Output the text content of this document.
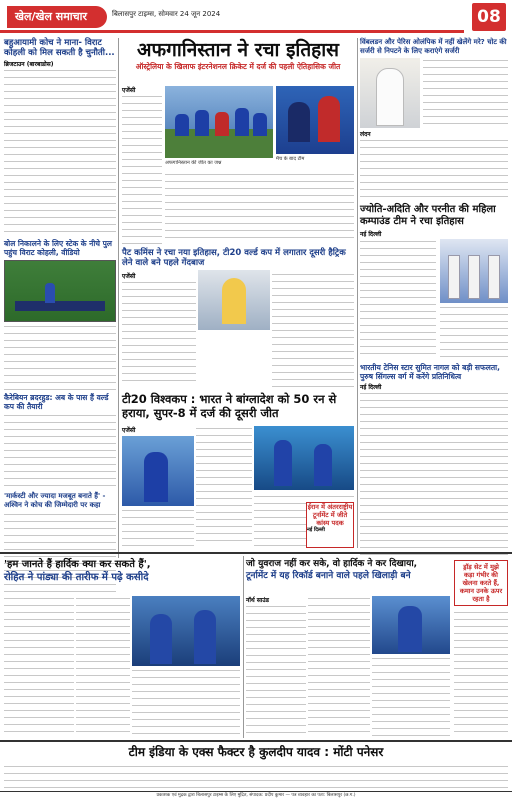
खेल/खेल समाचार	बिलासपुर टाइम्स, सोमवार 24 जून 2024	08
बहुआयामी कोच ने माना- विराट कोहली को मिल सकती है चुनौती...
ब्रिजटाउन (बारबाडोस)
बोल निकालने के लिए स्टेक के नीचे पुल पहुंच विराट कोहली, वीडियो
कैरेबियन ब्रदरहुड: अब के पास हैं वर्ल्ड कप की तैयारी
'मार्कस्टी और ज्यादा मजबूत बनाते हैं' - अश्विन ने कोच की जिम्मेदारी पर कहा
अफगानिस्तान ने रचा इतिहास
ऑस्ट्रेलिया के खिलाफ इंटरनेशनल क्रिकेट में दर्ज की पहली ऐतिहासिक जीत
एजेंसी
अफगानिस्तान की जीत का जश्न
मैच के बाद टीम
पैट कमिंस ने रचा नया इतिहास, टी20 वर्ल्ड कप में लगातार दूसरी हैट्रिक लेने वाले बने पहले गेंदबाज
एजेंसी
टी20 विश्वकप : भारत ने बांग्लादेश को 50 रन से हराया, सुपर-8 में दर्ज की दूसरी जीत
एजेंसी
ईरान में अंतरराष्ट्रीय टूर्नामेंट में जीते कांस्य पदक
नई दिल्ली
विंबलडन और पेरिस ओलंपिक में नहीं खेलेंगे मरे? चोट की सर्जरी से निपटने के लिए कराएंगे सर्जरी
लंदन
ज्योति-अदिति और परनीत की महिला कम्पाउंड टीम ने रचा इतिहास
नई दिल्ली
भारतीय टेनिस स्टार सुमित नागल को बड़ी सफलता, पुरुष सिंगल्स वर्ग में करेंगे प्रतिनिधित्व
नई दिल्ली
'हम जानते हैं हार्दिक क्या कर सकते हैं',
रोहित ने पांड्या की तारीफ में पढ़े कसीदे
जो युवराज नहीं कर सके, वो हार्दिक ने कर दिखाया,
टूर्नामेंट में यह रिकॉर्ड बनाने वाले पहले खिलाड़ी बने
नॉर्थ साउंड
ड्रॉड़ सेट में मुझे कड़ा गंभीर की खेलना करते हैं, कमान उनके ऊपर रहता है
टीम इंडिया के एक्स फैक्टर है कुलदीप यादव : मोंटी पनेसर
प्रकाशक एवं मुद्रक द्वारा बिलासपुर टाइम्स के लिए मुद्रित, संपादक: प्रदीप कुमार — पत्र व्यवहार का पता: बिलासपुर (छ.ग.)
